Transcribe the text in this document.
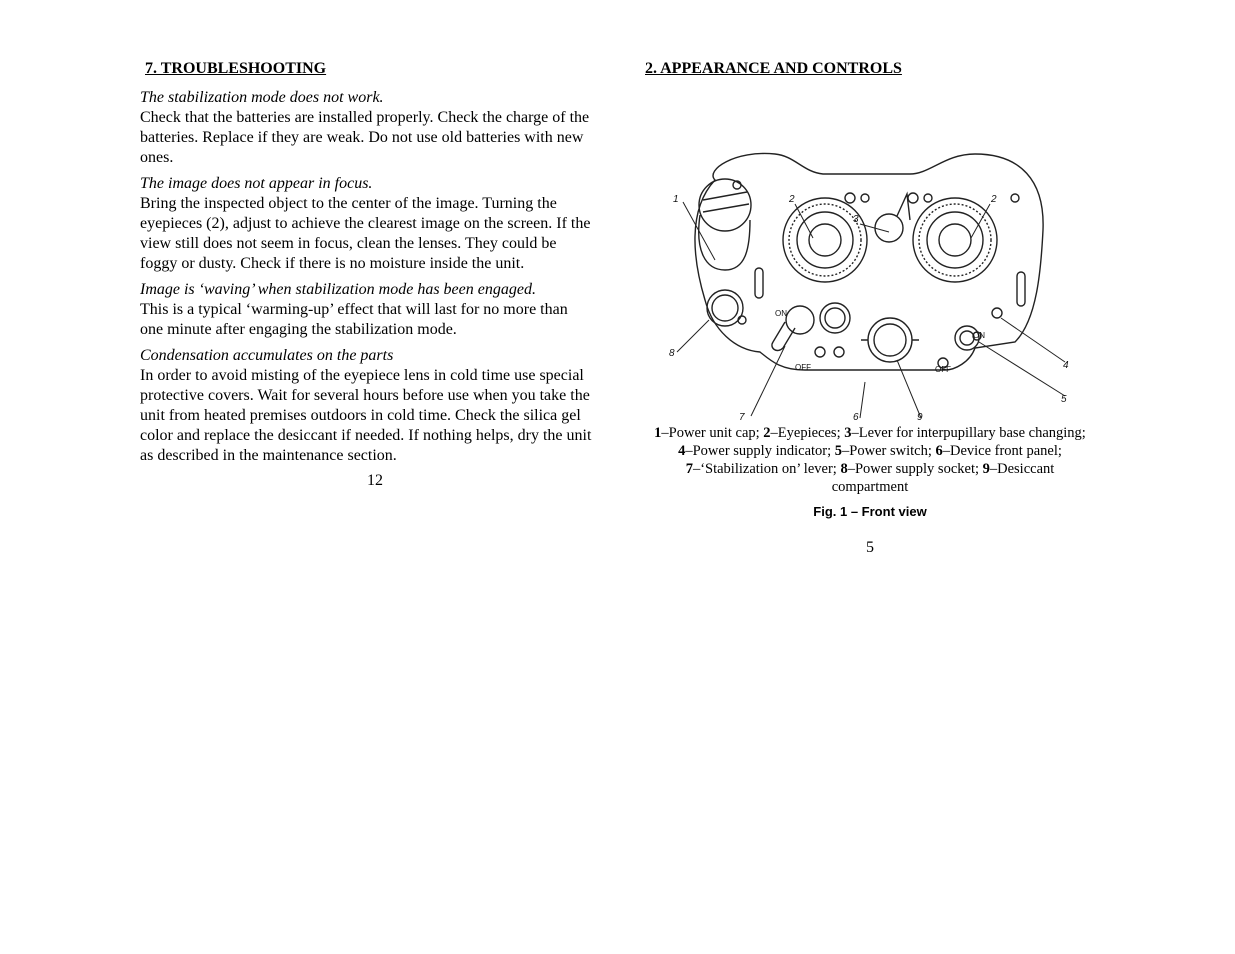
7. TROUBLESHOOTING
The stabilization mode does not work.
Check that the batteries are installed properly. Check the charge of the batteries. Replace if they are weak. Do not use old batteries with new ones.
The image does not appear in focus.
Bring the inspected object to the center of the image. Turning the eyepieces (2), adjust to achieve the clearest image on the screen. If the view still does not seem in focus, clean the lenses. They could be foggy or dusty. Check if there is no moisture inside the unit.
Image is ‘waving’ when stabilization mode has been engaged.
This is a typical ‘warming-up’ effect that will last for no more than one minute after engaging the stabilization mode.
Condensation accumulates on the parts
In order to avoid misting of the eyepiece lens in cold time use special protective covers. Wait for several hours before use when you take the unit from heated premises outdoors in cold time. Check the silica gel color and replace the desiccant if needed. If nothing helps, dry the unit as described in the maintenance section.
12
2. APPEARANCE AND CONTROLS
1	2
3
2
8
7	6	9
4
5
ON
OFF
ON
OFF
1–Power unit cap; 2–Eyepieces; 3–Lever for interpupillary base changing; 4–Power supply indicator; 5–Power switch; 6–Device front panel; 7–‘Stabilization on’ lever; 8–Power supply socket; 9–Desiccant compartment
Fig. 1 – Front view
5
